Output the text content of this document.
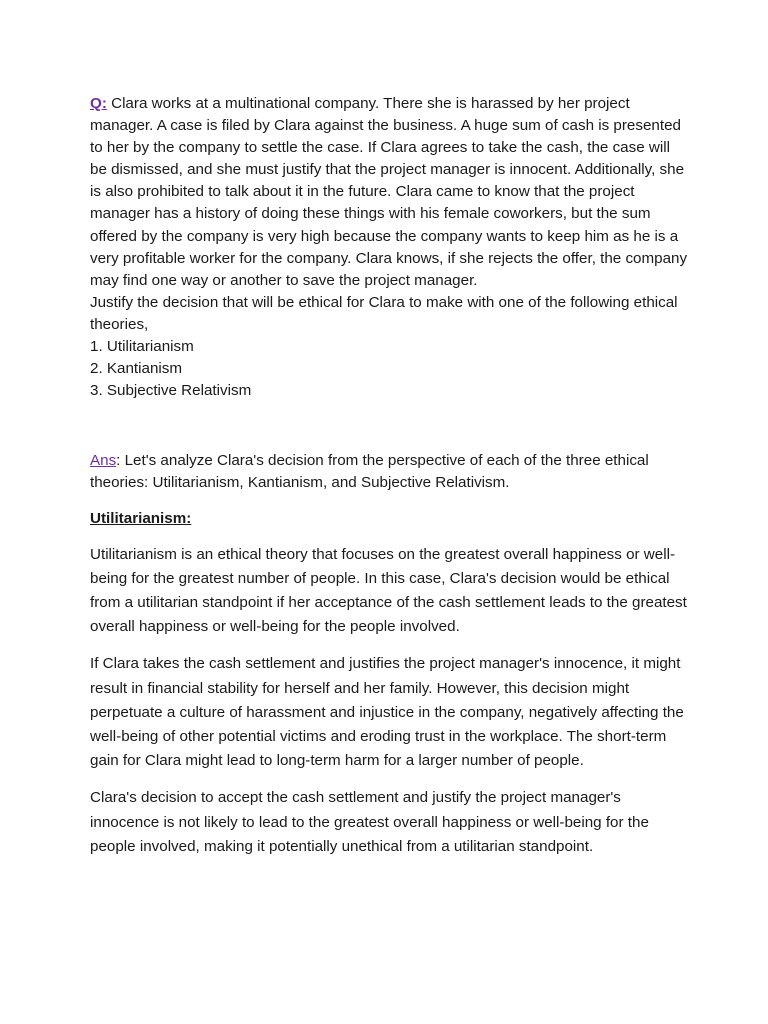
Q: Clara works at a multinational company. There she is harassed by her project manager. A case is filed by Clara against the business. A huge sum of cash is presented to her by the company to settle the case. If Clara agrees to take the cash, the case will be dismissed, and she must justify that the project manager is innocent. Additionally, she is also prohibited to talk about it in the future. Clara came to know that the project manager has a history of doing these things with his female coworkers, but the sum offered by the company is very high because the company wants to keep him as he is a very profitable worker for the company. Clara knows, if she rejects the offer, the company may find one way or another to save the project manager.

Justify the decision that will be ethical for Clara to make with one of the following ethical theories,
1. Utilitarianism
2. Kantianism
3. Subjective Relativism

Ans: Let's analyze Clara's decision from the perspective of each of the three ethical theories: Utilitarianism, Kantianism, and Subjective Relativism.

Utilitarianism:

Utilitarianism is an ethical theory that focuses on the greatest overall happiness or well-being for the greatest number of people. In this case, Clara's decision would be ethical from a utilitarian standpoint if her acceptance of the cash settlement leads to the greatest overall happiness or well-being for the people involved.

If Clara takes the cash settlement and justifies the project manager's innocence, it might result in financial stability for herself and her family. However, this decision might perpetuate a culture of harassment and injustice in the company, negatively affecting the well-being of other potential victims and eroding trust in the workplace. The short-term gain for Clara might lead to long-term harm for a larger number of people.

Clara's decision to accept the cash settlement and justify the project manager's innocence is not likely to lead to the greatest overall happiness or well-being for the people involved, making it potentially unethical from a utilitarian standpoint.
